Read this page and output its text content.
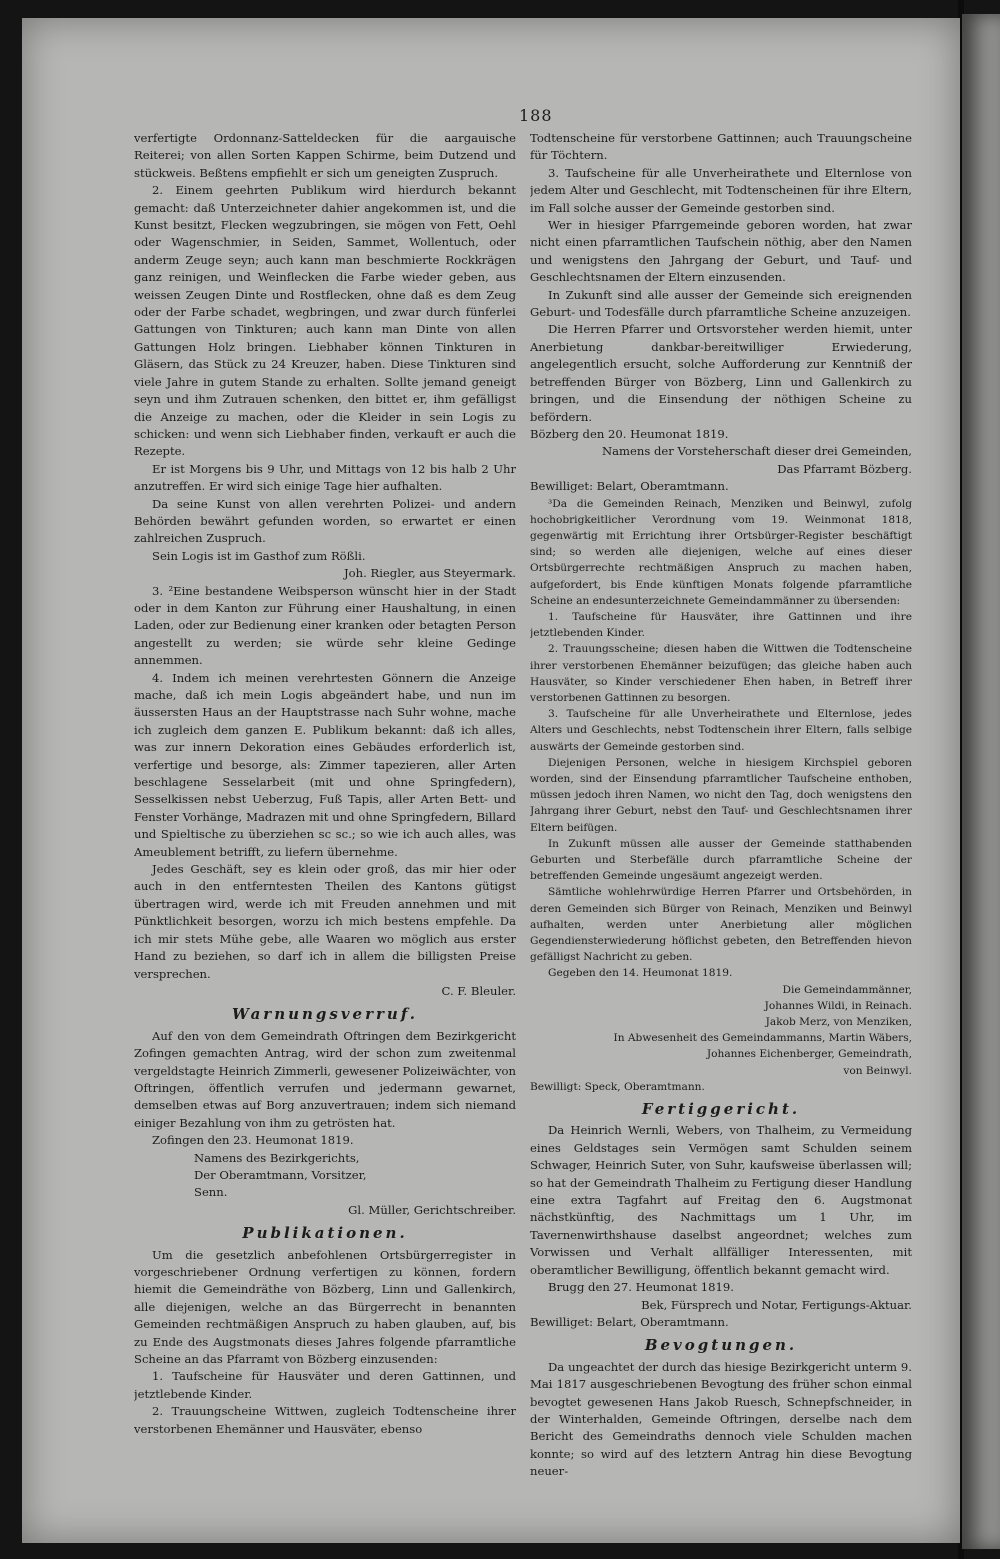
188

verfertigte Ordonnanz-Satteldecken für die aargauische Reiterei; von allen Sorten Kappen Schirme, beim Dutzend und stückweis. Beßtens empfiehlt er sich um geneigten Zuspruch.

2. Einem geehrten Publikum wird hierdurch bekannt gemacht: daß Unterzeichneter dahier angekommen ist, und die Kunst besitzt, Flecken wegzubringen, sie mögen von Fett, Oehl oder Wagenschmier, in Seiden, Sammet, Wollentuch, oder anderm Zeuge seyn; auch kann man beschmierte Rockkrägen ganz reinigen, und Weinflecken die Farbe wieder geben, aus weissen Zeugen Dinte und Rostflecken, ohne daß es dem Zeug oder der Farbe schadet, wegbringen, und zwar durch fünferlei Gattungen von Tinkturen; auch kann man Dinte von allen Gattungen Holz bringen. Liebhaber können Tinkturen in Gläsern, das Stück zu 24 Kreuzer, haben. Diese Tinkturen sind viele Jahre in gutem Stande zu erhalten. Sollte jemand geneigt seyn und ihm Zutrauen schenken, den bittet er, ihm gefälligst die Anzeige zu machen, oder die Kleider in sein Logis zu schicken: und wenn sich Liebhaber finden, verkauft er auch die Rezepte.

Er ist Morgens bis 9 Uhr, und Mittags von 12 bis halb 2 Uhr anzutreffen. Er wird sich einige Tage hier aufhalten.

Da seine Kunst von allen verehrten Polizei- und andern Behörden bewährt gefunden worden, so erwartet er einen zahlreichen Zuspruch.

Sein Logis ist im Gasthof zum Rößli.

Joh. Riegler, aus Steyermark.

3. ²Eine bestandene Weibsperson wünscht hier in der Stadt oder in dem Kanton zur Führung einer Haushaltung, in einen Laden, oder zur Bedienung einer kranken oder betagten Person angestellt zu werden; sie würde sehr kleine Gedinge annemmen.

4. Indem ich meinen verehrtesten Gönnern die Anzeige mache, daß ich mein Logis abgeändert habe, und nun im äussersten Haus an der Hauptstrasse nach Suhr wohne, mache ich zugleich dem ganzen E. Publikum bekannt: daß ich alles, was zur innern Dekoration eines Gebäudes erforderlich ist, verfertige und besorge, als: Zimmer tapezieren, aller Arten beschlagene Sesselarbeit (mit und ohne Springfedern), Sesselkissen nebst Ueberzug, Fuß Tapis, aller Arten Bett- und Fenster Vorhänge, Madrazen mit und ohne Springfedern, Billard und Spieltische zu überziehen sc sc.; so wie ich auch alles, was Ameublement betrifft, zu liefern übernehme.

Jedes Geschäft, sey es klein oder groß, das mir hier oder auch in den entferntesten Theilen des Kantons gütigst übertragen wird, werde ich mit Freuden annehmen und mit Pünktlichkeit besorgen, worzu ich mich bestens empfehle. Da ich mir stets Mühe gebe, alle Waaren wo möglich aus erster Hand zu beziehen, so darf ich in allem die billigsten Preise versprechen.

C. F. Bleuler.

Warnungsverruf.

Auf den von dem Gemeindrath Oftringen dem Bezirkgericht Zofingen gemachten Antrag, wird der schon zum zweitenmal vergeldstagte Heinrich Zimmerli, gewesener Polizeiwächter, von Oftringen, öffentlich verrufen und jedermann gewarnet, demselben etwas auf Borg anzuvertrauen; indem sich niemand einiger Bezahlung von ihm zu getrösten hat.

Zofingen den 23. Heumonat 1819.

Namens des Bezirkgerichts,

Der Oberamtmann, Vorsitzer,

Senn.

Gl. Müller, Gerichtschreiber.

Publikationen.

Um die gesetzlich anbefohlenen Ortsbürgerregister in vorgeschriebener Ordnung verfertigen zu können, fordern hiemit die Gemeindräthe von Bözberg, Linn und Gallenkirch, alle diejenigen, welche an das Bürgerrecht in benannten Gemeinden rechtmäßigen Anspruch zu haben glauben, auf, bis zu Ende des Augstmonats dieses Jahres folgende pfarramtliche Scheine an das Pfarramt von Bözberg einzusenden:

1. Taufscheine für Hausväter und deren Gattinnen, und jetztlebende Kinder.

2. Trauungscheine Wittwen, zugleich Todtenscheine ihrer verstorbenen Ehemänner und Hausväter, ebenso

Todtenscheine für verstorbene Gattinnen; auch Trauungscheine für Töchtern.

3. Taufscheine für alle Unverheirathete und Elternlose von jedem Alter und Geschlecht, mit Todtenscheinen für ihre Eltern, im Fall solche ausser der Gemeinde gestorben sind.

Wer in hiesiger Pfarrgemeinde geboren worden, hat zwar nicht einen pfarramtlichen Taufschein nöthig, aber den Namen und wenigstens den Jahrgang der Geburt, und Tauf- und Geschlechtsnamen der Eltern einzusenden.

In Zukunft sind alle ausser der Gemeinde sich ereignenden Geburt- und Todesfälle durch pfarramtliche Scheine anzuzeigen.

Die Herren Pfarrer und Ortsvorsteher werden hiemit, unter Anerbietung dankbar-bereitwilliger Erwiederung, angelegentlich ersucht, solche Aufforderung zur Kenntniß der betreffenden Bürger von Bözberg, Linn und Gallenkirch zu bringen, und die Einsendung der nöthigen Scheine zu befördern.

Bözberg den 20. Heumonat 1819.

Namens der Vorsteherschaft dieser drei Gemeinden,

Das Pfarramt Bözberg.

Bewilliget: Belart, Oberamtmann.

³Da die Gemeinden Reinach, Menziken und Beinwyl, zufolg hochobrigkeitlicher Verordnung vom 19. Weinmonat 1818, gegenwärtig mit Errichtung ihrer Ortsbürger-Register beschäftigt sind; so werden alle diejenigen, welche auf eines dieser Ortsbürgerrechte rechtmäßigen Anspruch zu machen haben, aufgefordert, bis Ende künftigen Monats folgende pfarramtliche Scheine an endesunterzeichnete Gemeindammänner zu übersenden:

1. Taufscheine für Hausväter, ihre Gattinnen und ihre jetztlebenden Kinder.

2. Trauungsscheine; diesen haben die Wittwen die Todtenscheine ihrer verstorbenen Ehemänner beizufügen; das gleiche haben auch Hausväter, so Kinder verschiedener Ehen haben, in Betreff ihrer verstorbenen Gattinnen zu besorgen.

3. Taufscheine für alle Unverheirathete und Elternlose, jedes Alters und Geschlechts, nebst Todtenschein ihrer Eltern, falls selbige auswärts der Gemeinde gestorben sind.

Diejenigen Personen, welche in hiesigem Kirchspiel geboren worden, sind der Einsendung pfarramtlicher Taufscheine enthoben, müssen jedoch ihren Namen, wo nicht den Tag, doch wenigstens den Jahrgang ihrer Geburt, nebst den Tauf- und Geschlechtsnamen ihrer Eltern beifügen.

In Zukunft müssen alle ausser der Gemeinde statthabenden Geburten und Sterbefälle durch pfarramtliche Scheine der betreffenden Gemeinde ungesäumt angezeigt werden.

Sämtliche wohlehrwürdige Herren Pfarrer und Ortsbehörden, in deren Gemeinden sich Bürger von Reinach, Menziken und Beinwyl aufhalten, werden unter Anerbietung aller möglichen Gegendiensterwiederung höflichst gebeten, den Betreffenden hievon gefälligst Nachricht zu geben.

Gegeben den 14. Heumonat 1819.

Die Gemeindammänner,

Johannes Wildi, in Reinach.

Jakob Merz, von Menziken,

In Abwesenheit des Gemeindammanns, Martin Wäbers,

Johannes Eichenberger, Gemeindrath,

von Beinwyl.

Bewilligt: Speck, Oberamtmann.

Fertiggericht.

Da Heinrich Wernli, Webers, von Thalheim, zu Vermeidung eines Geldstages sein Vermögen samt Schulden seinem Schwager, Heinrich Suter, von Suhr, kaufsweise überlassen will; so hat der Gemeindrath Thalheim zu Fertigung dieser Handlung eine extra Tagfahrt auf Freitag den 6. Augstmonat nächstkünftig, des Nachmittags um 1 Uhr, im Tavernenwirthshause daselbst angeordnet; welches zum Vorwissen und Verhalt allfälliger Interessenten, mit oberamtlicher Bewilligung, öffentlich bekannt gemacht wird.

Brugg den 27. Heumonat 1819.

Bek, Fürsprech und Notar, Fertigungs-Aktuar.

Bewilliget: Belart, Oberamtmann.

Bevogtungen.

Da ungeachtet der durch das hiesige Bezirkgericht unterm 9. Mai 1817 ausgeschriebenen Bevogtung des früher schon einmal bevogtet gewesenen Hans Jakob Ruesch, Schnepfschneider, in der Winterhalden, Gemeinde Oftringen, derselbe nach dem Bericht des Gemeindraths dennoch viele Schulden machen konnte; so wird auf des letztern Antrag hin diese Bevogtung neuer-
